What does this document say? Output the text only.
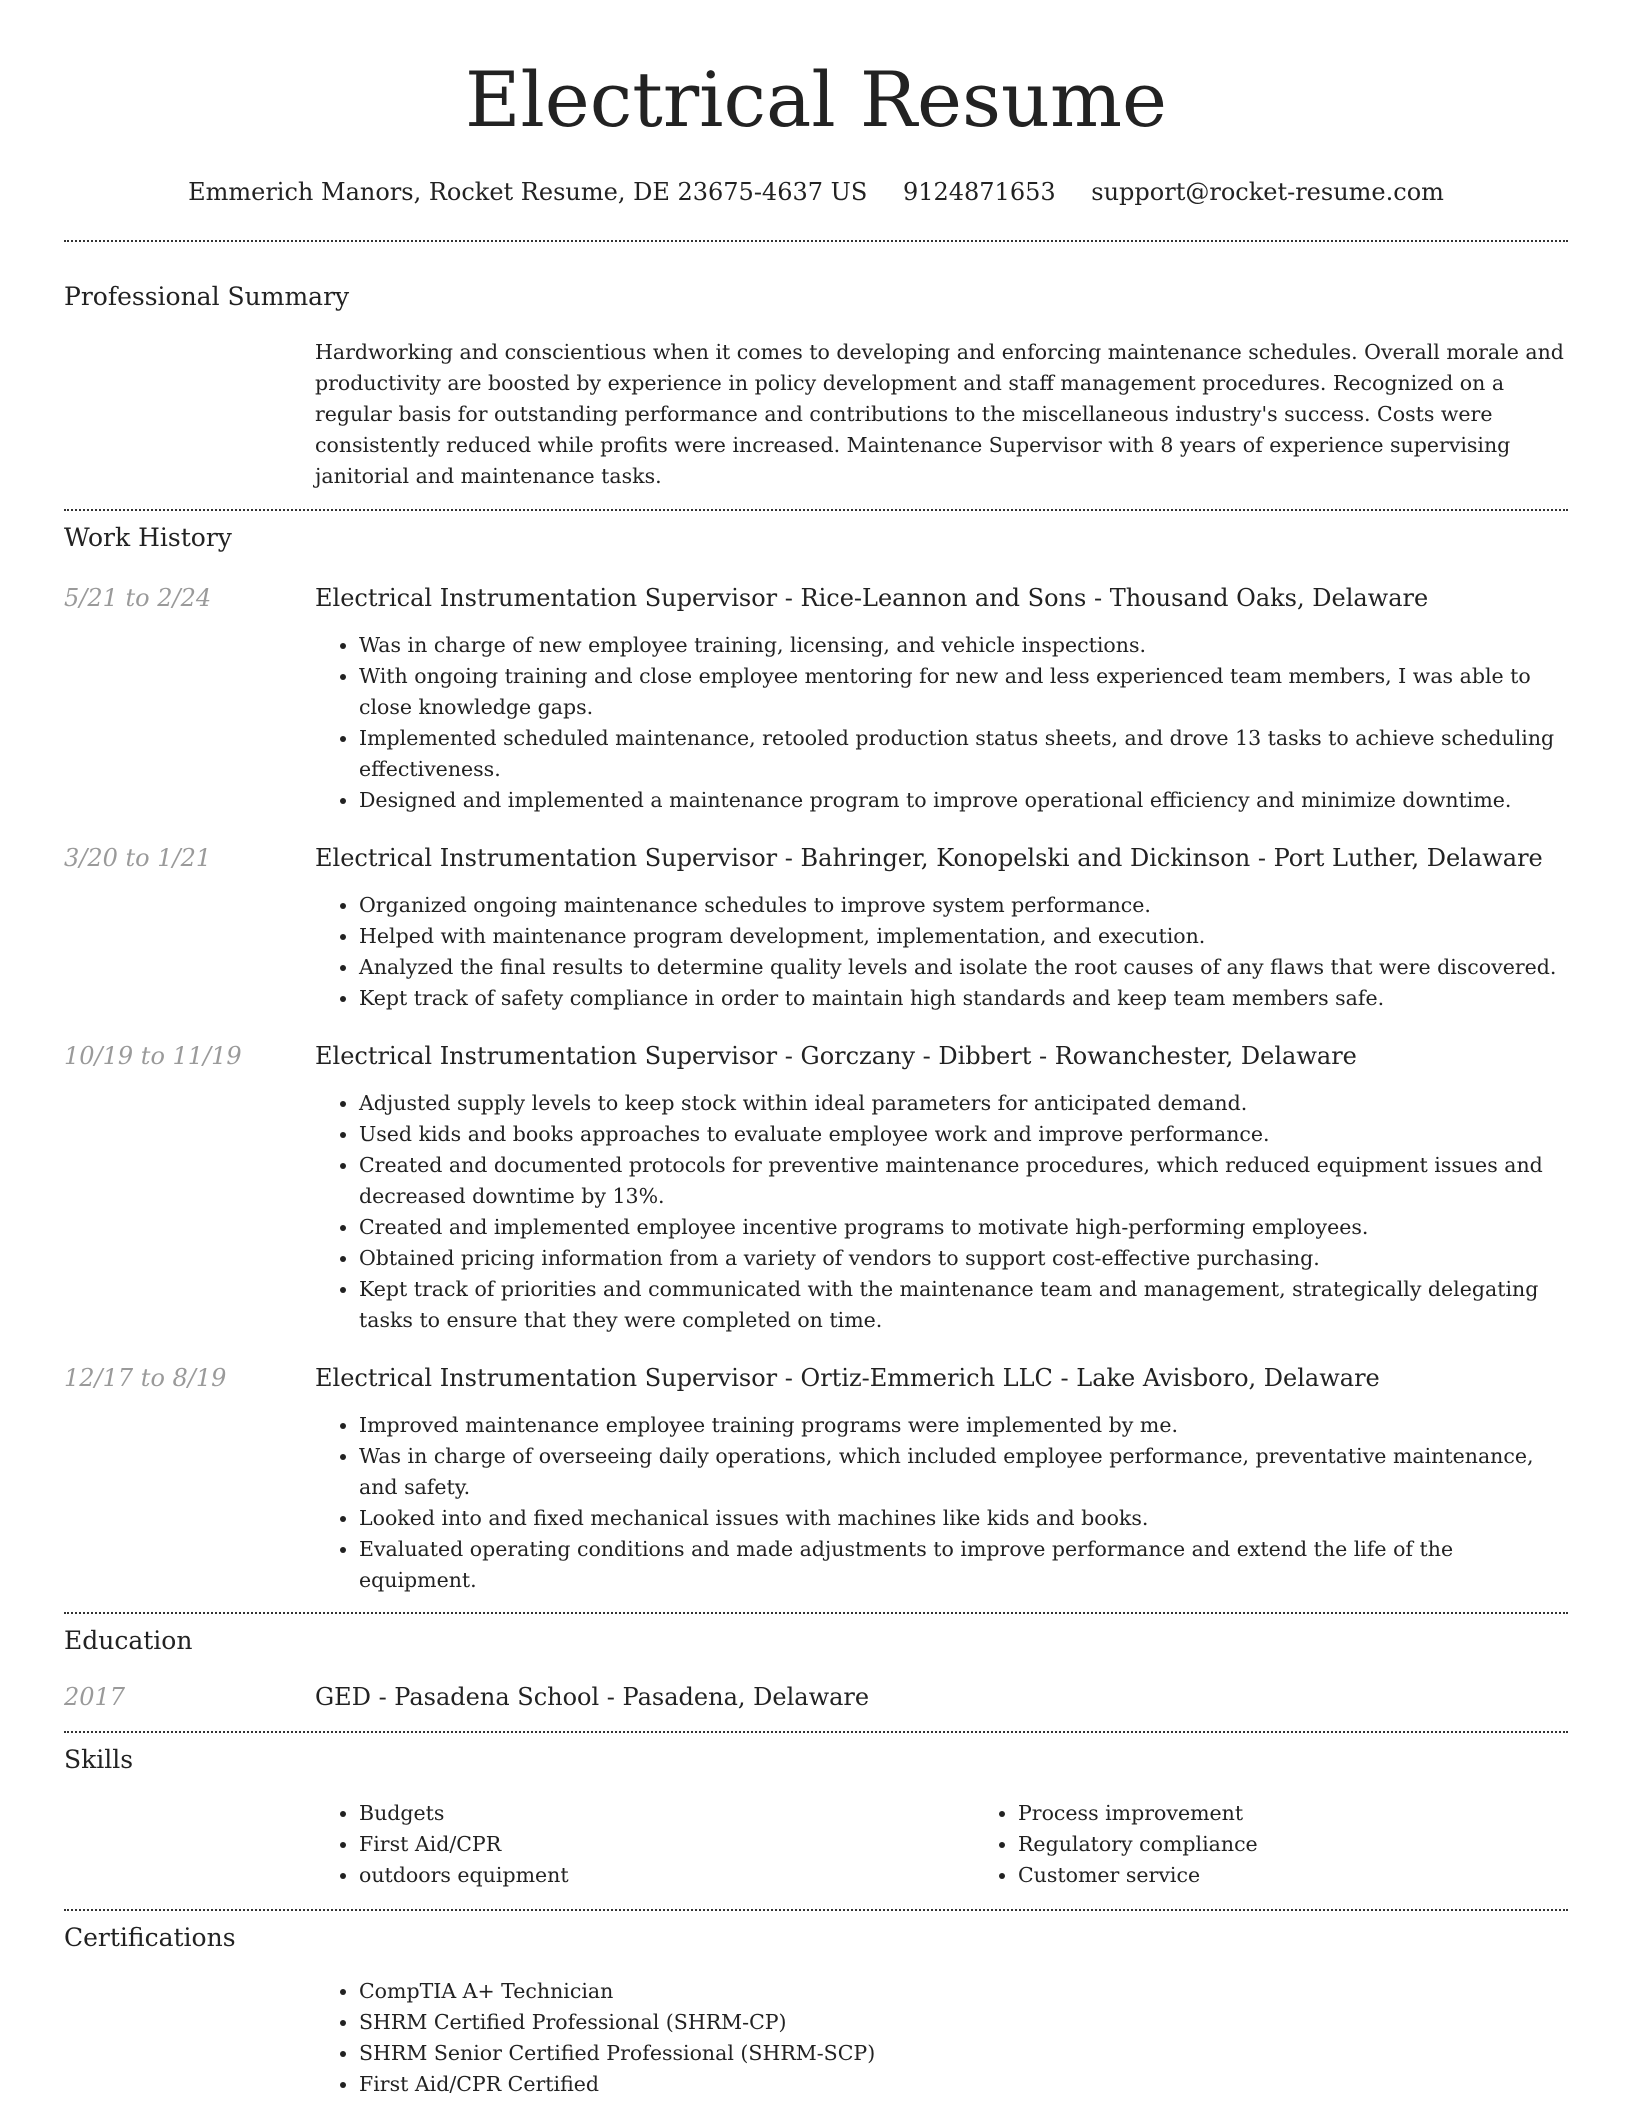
Electrical Resume
Emmerich Manors, Rocket Resume, DE 23675-4637 US 9124871653 support@rocket-resume.com
Professional Summary
Hardworking and conscientious when it comes to developing and enforcing maintenance schedules. Overall morale and productivity are boosted by experience in policy development and staff management procedures. Recognized on a regular basis for outstanding performance and contributions to the miscellaneous industry's success. Costs were consistently reduced while profits were increased. Maintenance Supervisor with 8 years of experience supervising janitorial and maintenance tasks.
Work History
5/21 to 2/24	Electrical Instrumentation Supervisor - Rice-Leannon and Sons - Thousand Oaks, Delaware
• Was in charge of new employee training, licensing, and vehicle inspections.
• With ongoing training and close employee mentoring for new and less experienced team members, I was able to close knowledge gaps.
• Implemented scheduled maintenance, retooled production status sheets, and drove 13 tasks to achieve scheduling effectiveness.
• Designed and implemented a maintenance program to improve operational efficiency and minimize downtime.
3/20 to 1/21	Electrical Instrumentation Supervisor - Bahringer, Konopelski and Dickinson - Port Luther, Delaware
• Organized ongoing maintenance schedules to improve system performance.
• Helped with maintenance program development, implementation, and execution.
• Analyzed the final results to determine quality levels and isolate the root causes of any flaws that were discovered.
• Kept track of safety compliance in order to maintain high standards and keep team members safe.
10/19 to 11/19	Electrical Instrumentation Supervisor - Gorczany - Dibbert - Rowanchester, Delaware
• Adjusted supply levels to keep stock within ideal parameters for anticipated demand.
• Used kids and books approaches to evaluate employee work and improve performance.
• Created and documented protocols for preventive maintenance procedures, which reduced equipment issues and decreased downtime by 13%.
• Created and implemented employee incentive programs to motivate high-performing employees.
• Obtained pricing information from a variety of vendors to support cost-effective purchasing.
• Kept track of priorities and communicated with the maintenance team and management, strategically delegating tasks to ensure that they were completed on time.
12/17 to 8/19	Electrical Instrumentation Supervisor - Ortiz-Emmerich LLC - Lake Avisboro, Delaware
• Improved maintenance employee training programs were implemented by me.
• Was in charge of overseeing daily operations, which included employee performance, preventative maintenance, and safety.
• Looked into and fixed mechanical issues with machines like kids and books.
• Evaluated operating conditions and made adjustments to improve performance and extend the life of the equipment.
Education
2017	GED - Pasadena School - Pasadena, Delaware
Skills
• Budgets
• First Aid/CPR
• outdoors equipment
• Process improvement
• Regulatory compliance
• Customer service
Certifications
• CompTIA A+ Technician
• SHRM Certified Professional (SHRM-CP)
• SHRM Senior Certified Professional (SHRM-SCP)
• First Aid/CPR Certified
